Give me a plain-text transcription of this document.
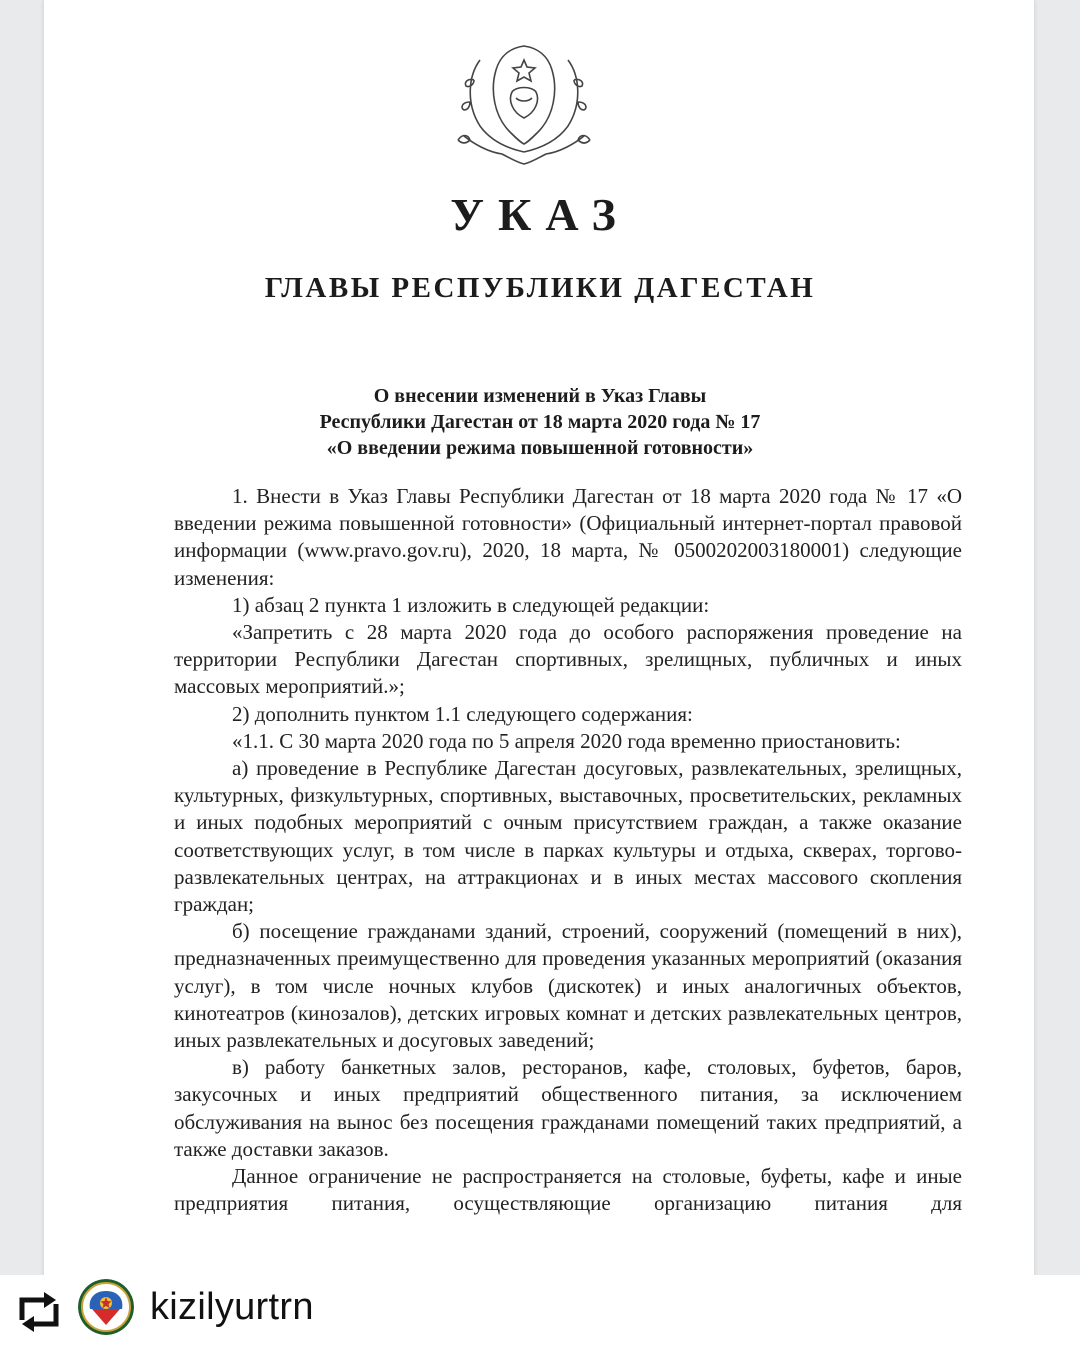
УКАЗ
ГЛАВЫ РЕСПУБЛИКИ ДАГЕСТАН
О внесении изменений в Указ Главы
Республики Дагестан от 18 марта 2020 года № 17
«О введении режима повышенной готовности»

1. Внести в Указ Главы Республики Дагестан от 18 марта 2020 года № 17 «О введении режима повышенной готовности» (Официальный интернет-портал правовой информации (www.pravo.gov.ru), 2020, 18 марта, № 0500202003180001) следующие изменения:

1) абзац 2 пункта 1 изложить в следующей редакции:

«Запретить с 28 марта 2020 года до особого распоряжения проведение на территории Республики Дагестан спортивных, зрелищных, публичных и иных массовых мероприятий.»;

2) дополнить пунктом 1.1 следующего содержания:

«1.1. С 30 марта 2020 года по 5 апреля 2020 года временно приостановить:

а) проведение в Республике Дагестан досуговых, развлекательных, зрелищных, культурных, физкультурных, спортивных, выставочных, просветительских, рекламных и иных подобных мероприятий с очным присутствием граждан, а также оказание соответствующих услуг, в том числе в парках культуры и отдыха, скверах, торгово-развлекательных центрах, на аттракционах и в иных местах массового скопления граждан;

б) посещение гражданами зданий, строений, сооружений (помещений в них), предназначенных преимущественно для проведения указанных мероприятий (оказания услуг), в том числе ночных клубов (дискотек) и иных аналогичных объектов, кинотеатров (кинозалов), детских игровых комнат и детских развлекательных центров, иных развлекательных и досуговых заведений;

в) работу банкетных залов, ресторанов, кафе, столовых, буфетов, баров, закусочных и иных предприятий общественного питания, за исключением обслуживания на вынос без посещения гражданами помещений таких предприятий, а также доставки заказов.

Данное ограничение не распространяется на столовые, буфеты, кафе и иные предприятия питания, осуществляющие организацию питания для

kizilyurtrn
